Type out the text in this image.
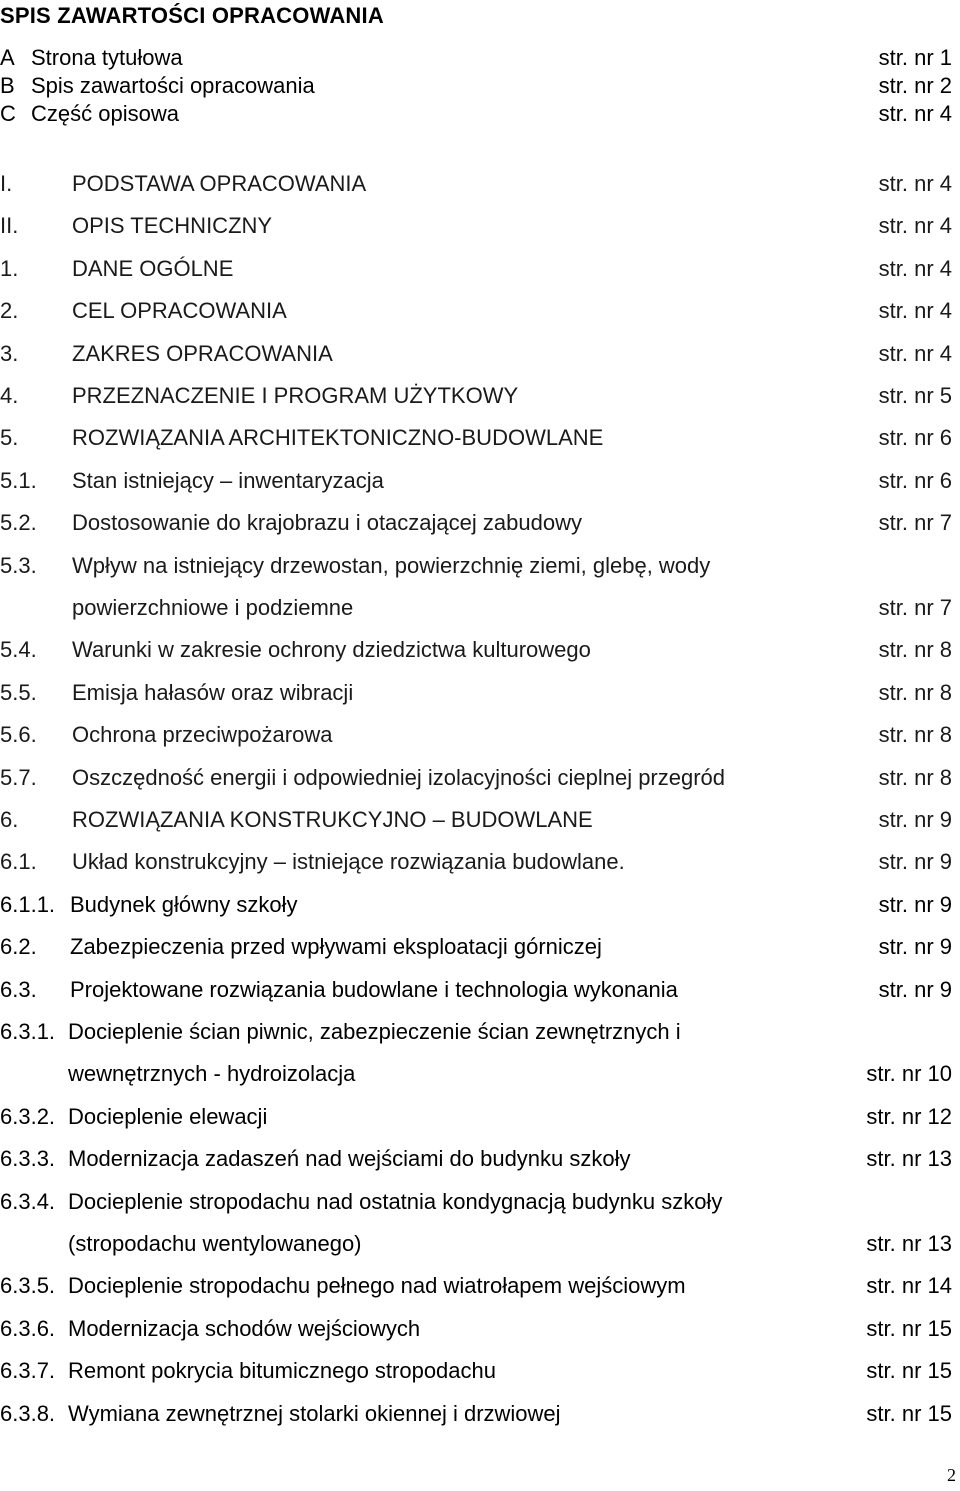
SPIS ZAWARTOŚCI OPRACOWANIA
A Strona tytułowa	str. nr 1
B Spis zawartości opracowania	str. nr 2
C Część opisowa	str. nr 4
I.	PODSTAWA OPRACOWANIA	str. nr 4
II. OPIS TECHNICZNY	str. nr 4
1. DANE OGÓLNE	str. nr 4
2. CEL OPRACOWANIA	str. nr 4
3. ZAKRES OPRACOWANIA	str. nr 4
4. PRZEZNACZENIE I PROGRAM UŻYTKOWY	str. nr 5
5. ROZWIĄZANIA ARCHITEKTONICZNO-BUDOWLANE	str. nr 6
5.1. Stan istniejący – inwentaryzacja	str. nr 6
5.2. Dostosowanie do krajobrazu i otaczającej zabudowy	str. nr 7
5.3. Wpływ na istniejący drzewostan, powierzchnię ziemi, glebę, wody
powierzchniowe i podziemne	str. nr 7
5.4. Warunki w zakresie ochrony dziedzictwa kulturowego	str. nr 8
5.5. Emisja hałasów oraz wibracji	str. nr 8
5.6. Ochrona przeciwpożarowa	str. nr 8
5.7. Oszczędność energii i odpowiedniej izolacyjności cieplnej przegród	str. nr 8
6. ROZWIĄZANIA KONSTRUKCYJNO – BUDOWLANE	str. nr 9
6.1. Układ konstrukcyjny – istniejące rozwiązania budowlane.	str. nr 9
6.1.1. Budynek główny szkoły	str. nr 9
6.2. Zabezpieczenia przed wpływami eksploatacji górniczej	str. nr 9
6.3. Projektowane rozwiązania budowlane i technologia wykonania	str. nr 9
6.3.1. Docieplenie ścian piwnic, zabezpieczenie ścian zewnętrznych i
wewnętrznych - hydroizolacja	str. nr 10
6.3.2. Docieplenie elewacji	str. nr 12
6.3.3. Modernizacja zadaszeń nad wejściami do budynku szkoły	str. nr 13
6.3.4. Docieplenie stropodachu nad ostatnia kondygnacją budynku szkoły
(stropodachu wentylowanego)	str. nr 13
6.3.5. Docieplenie stropodachu pełnego nad wiatrołapem wejściowym	str. nr 14
6.3.6. Modernizacja schodów wejściowych	str. nr 15
6.3.7. Remont pokrycia bitumicznego stropodachu	str. nr 15
6.3.8. Wymiana zewnętrznej stolarki okiennej i drzwiowej	str. nr 15
2
